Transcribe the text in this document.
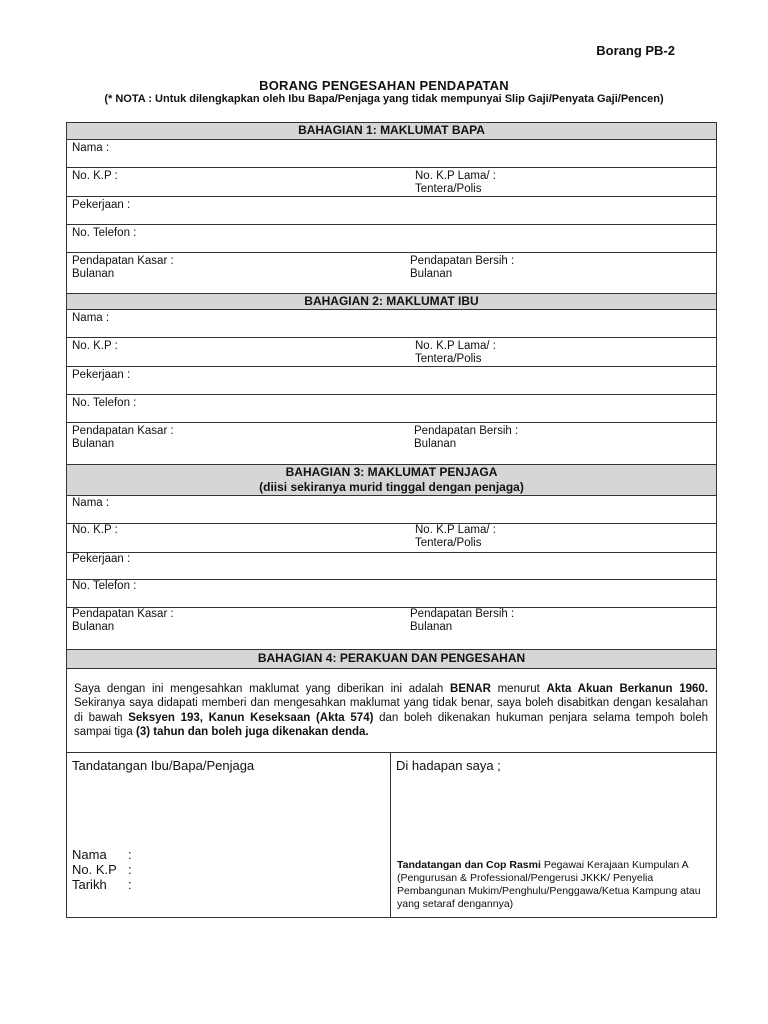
Borang PB-2
BORANG PENGESAHAN PENDAPATAN
(* NOTA : Untuk dilengkapkan oleh Ibu Bapa/Penjaga yang tidak mempunyai Slip Gaji/Penyata Gaji/Pencen)
BAHAGIAN 1: MAKLUMAT BAPA
Nama :
No. K.P :	No. K.P Lama/ :
Tentera/Polis
Pekerjaan :
No. Telefon :
Pendapatan Kasar :
Bulanan
Pendapatan Bersih :
Bulanan
BAHAGIAN 2: MAKLUMAT IBU
Nama :
No. K.P :	No. K.P Lama/ :
Tentera/Polis
Pekerjaan :
No. Telefon :
Pendapatan Kasar :
Bulanan
Pendapatan Bersih :
Bulanan
BAHAGIAN 3: MAKLUMAT PENJAGA
(diisi sekiranya murid tinggal dengan penjaga)
Nama :
No. K.P :	No. K.P Lama/ :
Tentera/Polis
Pekerjaan :
No. Telefon :
Pendapatan Kasar :
Bulanan
Pendapatan Bersih :
Bulanan
BAHAGIAN 4: PERAKUAN DAN PENGESAHAN
Saya dengan ini mengesahkan maklumat yang diberikan ini adalah BENAR menurut Akta Akuan Berkanun 1960. Sekiranya saya didapati memberi dan mengesahkan maklumat yang tidak benar, saya boleh disabitkan dengan kesalahan di bawah Seksyen 193, Kanun Keseksaan (Akta 574) dan boleh dikenakan hukuman penjara selama tempoh boleh sampai tiga (3) tahun dan boleh juga dikenakan denda.
Tandatangan Ibu/Bapa/Penjaga
Nama	:
No. K.P :
Tarikh	:
Di hadapan saya ;
Tandatangan dan Cop Rasmi Pegawai Kerajaan Kumpulan A (Pengurusan & Professional/Pengerusi JKKK/ Penyelia Pembangunan Mukim/Penghulu/Penggawa/Ketua Kampung atau yang setaraf dengannya)
